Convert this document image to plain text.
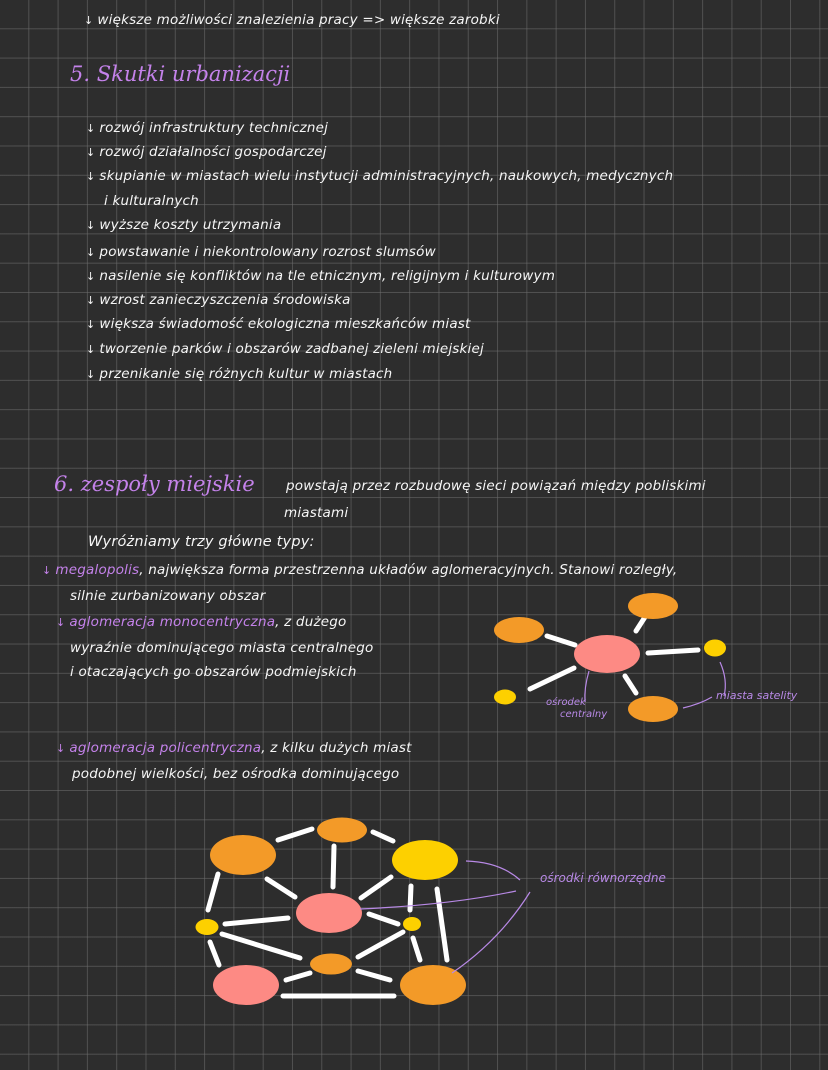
↓ większe możliwości znalezienia pracy => większe zarobki
5. Skutki urbanizacji
↓ rozwój infrastruktury technicznej
↓ rozwój działalności gospodarczej
↓ skupianie w miastach wielu instytucji administracyjnych, naukowych, medycznych
i kulturalnych
↓ wyższe koszty utrzymania
↓ powstawanie i niekontrolowany rozrost slumsów
↓ nasilenie się konfliktów na tle etnicznym, religijnym i kulturowym
↓ wzrost zanieczyszczenia środowiska
↓ większa świadomość ekologiczna mieszkańców miast
↓ tworzenie parków i obszarów zadbanej zieleni miejskiej
↓ przenikanie się różnych kultur w miastach
6. zespoły miejskie powstają przez rozbudowę sieci powiązań między pobliskimi
miastami
Wyróżniamy trzy główne typy:
↓ megalopolis, największa forma przestrzenna układów aglomeracyjnych. Stanowi rozległy,
silnie zurbanizowany obszar
↓ aglomeracja monocentryczna, z dużego
wyraźnie dominującego miasta centralnego
i otaczających go obszarów podmiejskich
↓ aglomeracja policentryczna, z kilku dużych miast
podobnej wielkości, bez ośrodka dominującego
ośrodek
centralny
miasta satelity
ośrodki równorzędne
